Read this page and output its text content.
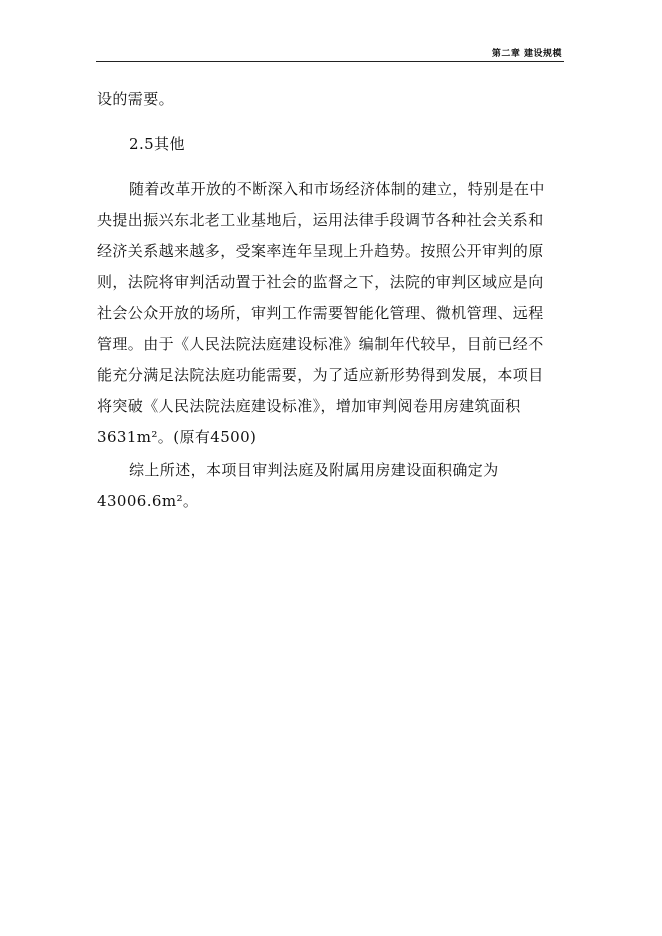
第二章 建设规模
设的需要。
2.5其他
随着改革开放的不断深入和市场经济体制的建立，特别是在中
央提出振兴东北老工业基地后，运用法律手段调节各种社会关系和
经济关系越来越多，受案率连年呈现上升趋势。按照公开审判的原
则，法院将审判活动置于社会的监督之下，法院的审判区域应是向
社会公众开放的场所，审判工作需要智能化管理、微机管理、远程
管理。由于《人民法院法庭建设标准》编制年代较早，目前已经不
能充分满足法院法庭功能需要，为了适应新形势得到发展，本项目
将突破《人民法院法庭建设标准》，增加审判阅卷用房建筑面积
3631m²。(原有4500)
综上所述，本项目审判法庭及附属用房建设面积确定为
43006.6m²。
